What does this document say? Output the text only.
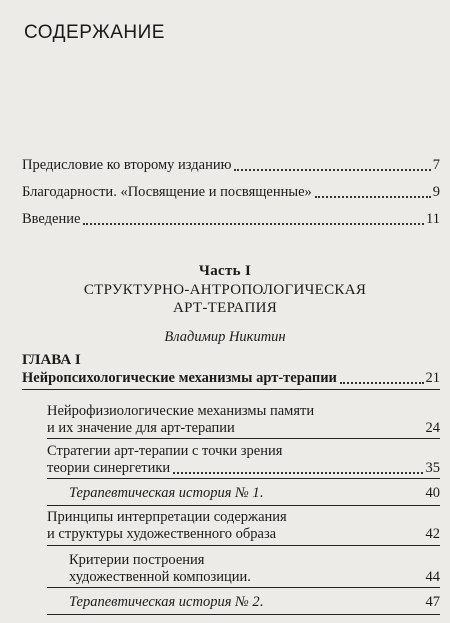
СОДЕРЖАНИЕ
Предисловие ко второму изданию	7
Благодарности. «Посвящение и посвященные»	9
Введение	11
Часть I
СТРУКТУРНО-АНТРОПОЛОГИЧЕСКАЯ
АРТ-ТЕРАПИЯ
Владимир Никитин
ГЛАВА I
Нейропсихологические механизмы арт-терапии	21
Нейрофизиологические механизмы памяти
и их значение для арт-терапии	24
Стратегии арт-терапии с точки зрения
теории синергетики	35
Терапевтическая история № 1 .	40
Принципы интерпретации содержания
и структуры художественного образа	42
Критерии построения
художественной композиции .	44
Терапевтическая история № 2 .	47
